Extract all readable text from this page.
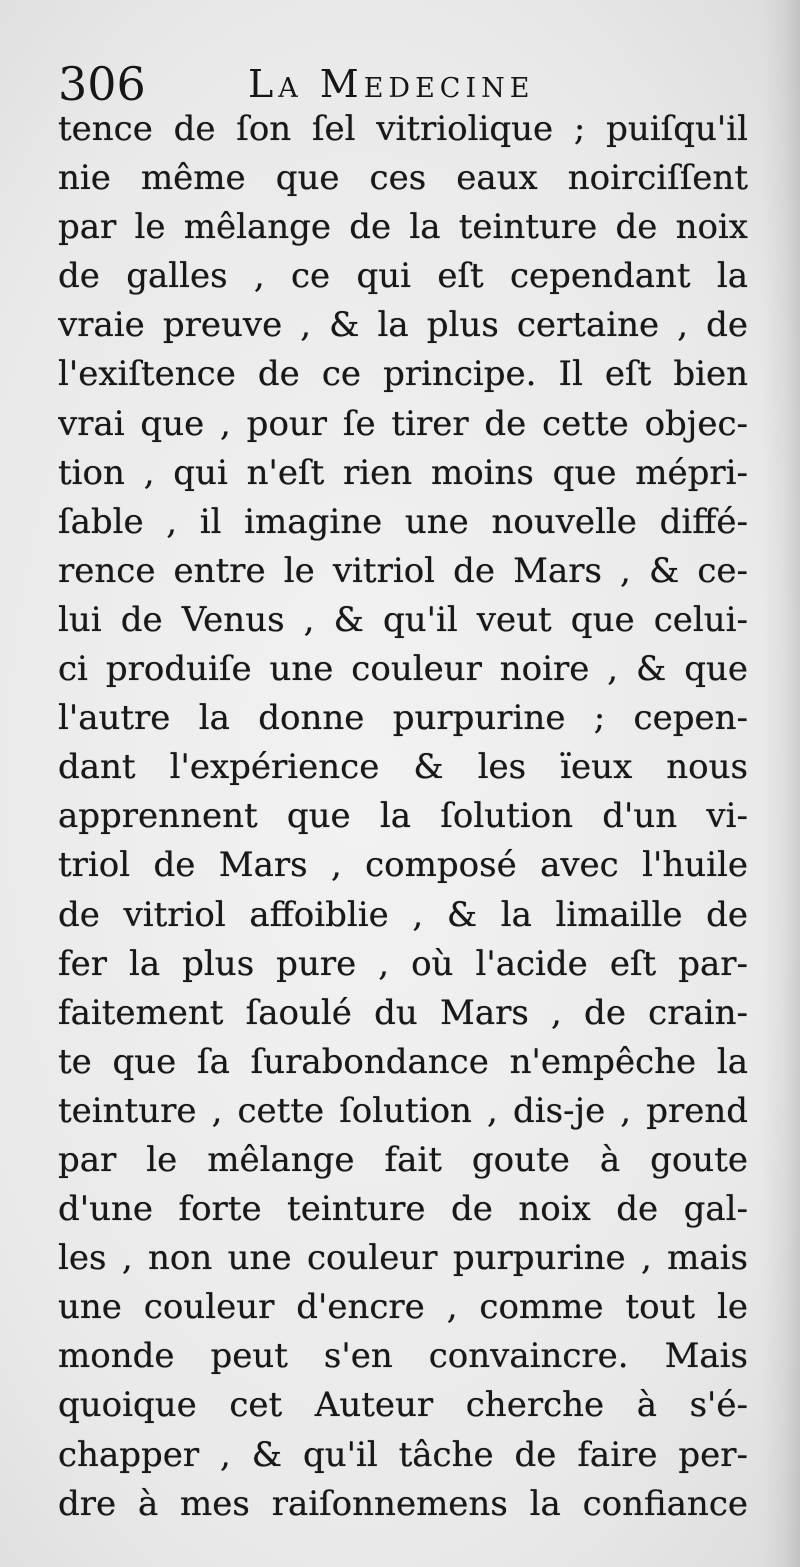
306	La Medecine
tence de ſon ſel vitriolique ; puiſqu'il
nie même que ces eaux noirciſſent
par le mêlange de la teinture de noix
de galles , ce qui eſt cependant la
vraie preuve , & la plus certaine , de
l'exiſtence de ce principe. Il eſt bien
vrai que , pour ſe tirer de cette objec-
tion , qui n'eſt rien moins que mépri-
ſable , il imagine une nouvelle diffé-
rence entre le vitriol de Mars , & ce-
lui de Venus , & qu'il veut que celui-
ci produiſe une couleur noire , & que
l'autre la donne purpurine ; cepen-
dant l'expérience & les ïeux nous
apprennent que la ſolution d'un vi-
triol de Mars , composé avec l'huile
de vitriol affoiblie , & la limaille de
fer la plus pure , où l'acide eſt par-
faitement ſaoulé du Mars , de crain-
te que ſa ſurabondance n'empêche la
teinture , cette ſolution , dis-je , prend
par le mêlange fait goute à goute
d'une forte teinture de noix de gal-
les , non une couleur purpurine , mais
une couleur d'encre , comme tout le
monde peut s'en convaincre. Mais
quoique cet Auteur cherche à s'é-
chapper , & qu'il tâche de faire per-
dre à mes raiſonnemens la confiance
